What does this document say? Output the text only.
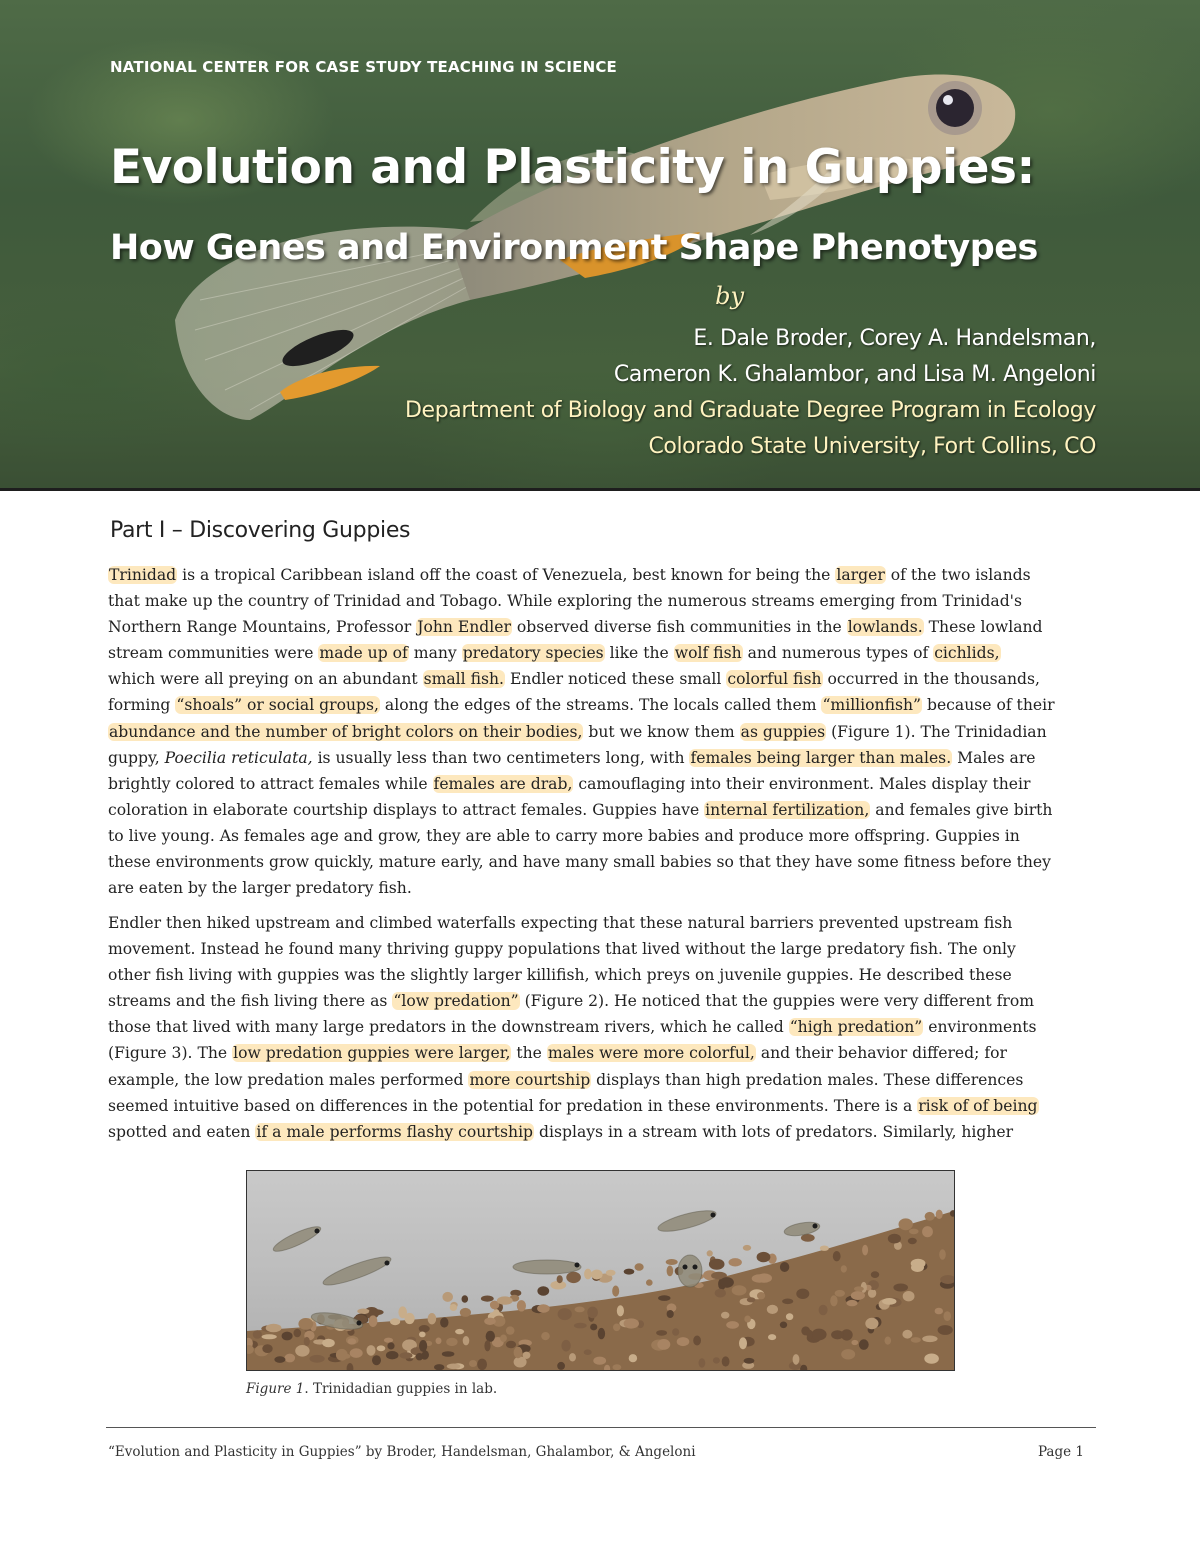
NATIONAL CENTER FOR CASE STUDY TEACHING IN SCIENCE
Evolution and Plasticity in Guppies:
How Genes and Environment Shape Phenotypes
by
E. Dale Broder, Corey A. Handelsman,
Cameron K. Ghalambor, and Lisa M. Angeloni
Department of Biology and Graduate Degree Program in Ecology
Colorado State University, Fort Collins, CO
Part I – Discovering Guppies
Trinidad is a tropical Caribbean island off the coast of Venezuela, best known for being the larger of the two islands
that make up the country of Trinidad and Tobago. While exploring the numerous streams emerging from Trinidad's
Northern Range Mountains, Professor John Endler observed diverse fish communities in the lowlands. These lowland
stream communities were made up of many predatory species like the wolf fish and numerous types of cichlids,
which were all preying on an abundant small fish. Endler noticed these small colorful fish occurred in the thousands,
forming “shoals” or social groups, along the edges of the streams. The locals called them “millionfish” because of their
abundance and the number of bright colors on their bodies, but we know them as guppies (Figure 1). The Trinidadian
guppy, Poecilia reticulata, is usually less than two centimeters long, with females being larger than males. Males are
brightly colored to attract females while females are drab, camouflaging into their environment. Males display their
coloration in elaborate courtship displays to attract females. Guppies have internal fertilization, and females give birth
to live young. As females age and grow, they are able to carry more babies and produce more offspring. Guppies in
these environments grow quickly, mature early, and have many small babies so that they have some fitness before they
are eaten by the larger predatory fish.
Endler then hiked upstream and climbed waterfalls expecting that these natural barriers prevented upstream fish
movement. Instead he found many thriving guppy populations that lived without the large predatory fish. The only
other fish living with guppies was the slightly larger killifish, which preys on juvenile guppies. He described these
streams and the fish living there as “low predation” (Figure 2). He noticed that the guppies were very different from
those that lived with many large predators in the downstream rivers, which he called “high predation” environments
(Figure 3). The low predation guppies were larger, the males were more colorful, and their behavior differed; for
example, the low predation males performed more courtship displays than high predation males. These differences
seemed intuitive based on differences in the potential for predation in these environments. There is a risk of of being
spotted and eaten if a male performs flashy courtship displays in a stream with lots of predators. Similarly, higher
Figure 1. Trinidadian guppies in lab.
“Evolution and Plasticity in Guppies” by Broder, Handelsman, Ghalambor, & Angeloni	Page 1
